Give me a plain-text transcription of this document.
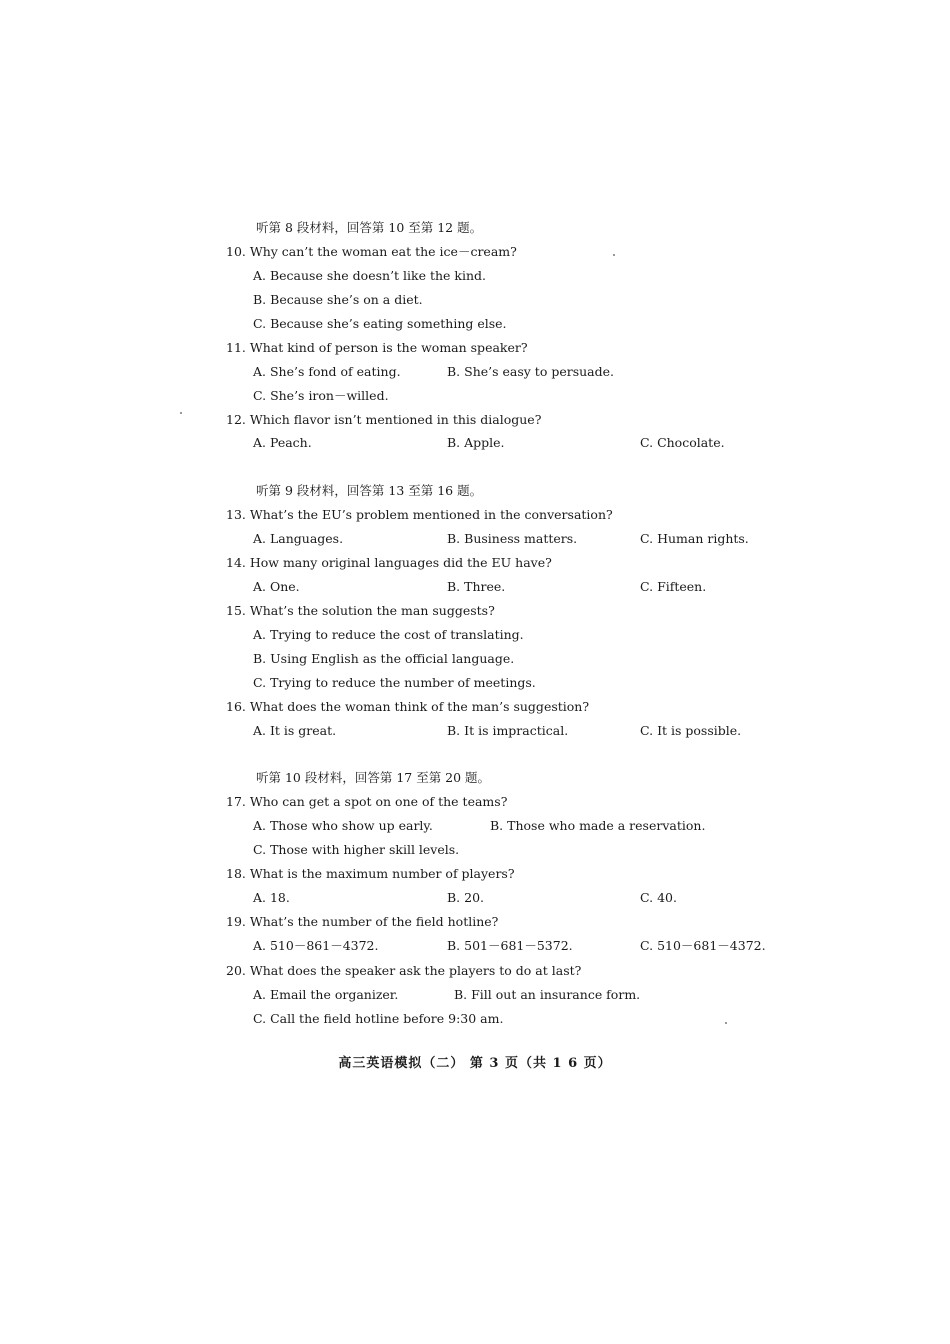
听第 8 段材料，回答第 10 至第 12 题。
10. Why can’t the woman eat the ice－cream?
A. Because she doesn’t like the kind.
B. Because she’s on a diet.
C. Because she’s eating something else.
11. What kind of person is the woman speaker?
A. She’s fond of eating.	B. She’s easy to persuade.
C. She’s iron－willed.
12. Which flavor isn’t mentioned in this dialogue?
A. Peach.	B. Apple.	C. Chocolate.
听第 9 段材料，回答第 13 至第 16 题。
13. What’s the EU’s problem mentioned in the conversation?
A. Languages.	B. Business matters.	C. Human rights.
14. How many original languages did the EU have?
A. One.	B. Three.	C. Fifteen.
15. What’s the solution the man suggests?
A. Trying to reduce the cost of translating.
B. Using English as the official language.
C. Trying to reduce the number of meetings.
16. What does the woman think of the man’s suggestion?
A. It is great.	B. It is impractical.	C. It is possible.
听第 10 段材料，回答第 17 至第 20 题。
17. Who can get a spot on one of the teams?
A. Those who show up early.	B. Those who made a reservation.
C. Those with higher skill levels.
18. What is the maximum number of players?
A. 18.	B. 20.	C. 40.
19. What’s the number of the field hotline?
A. 510－861－4372.	B. 501－681－5372.	C. 510－681－4372.
20. What does the speaker ask the players to do at last?
A. Email the organizer.	B. Fill out an insurance form.
C. Call the field hotline before 9:30 am.
高三英语模拟（二） 第 3 页（共 1 6 页）
